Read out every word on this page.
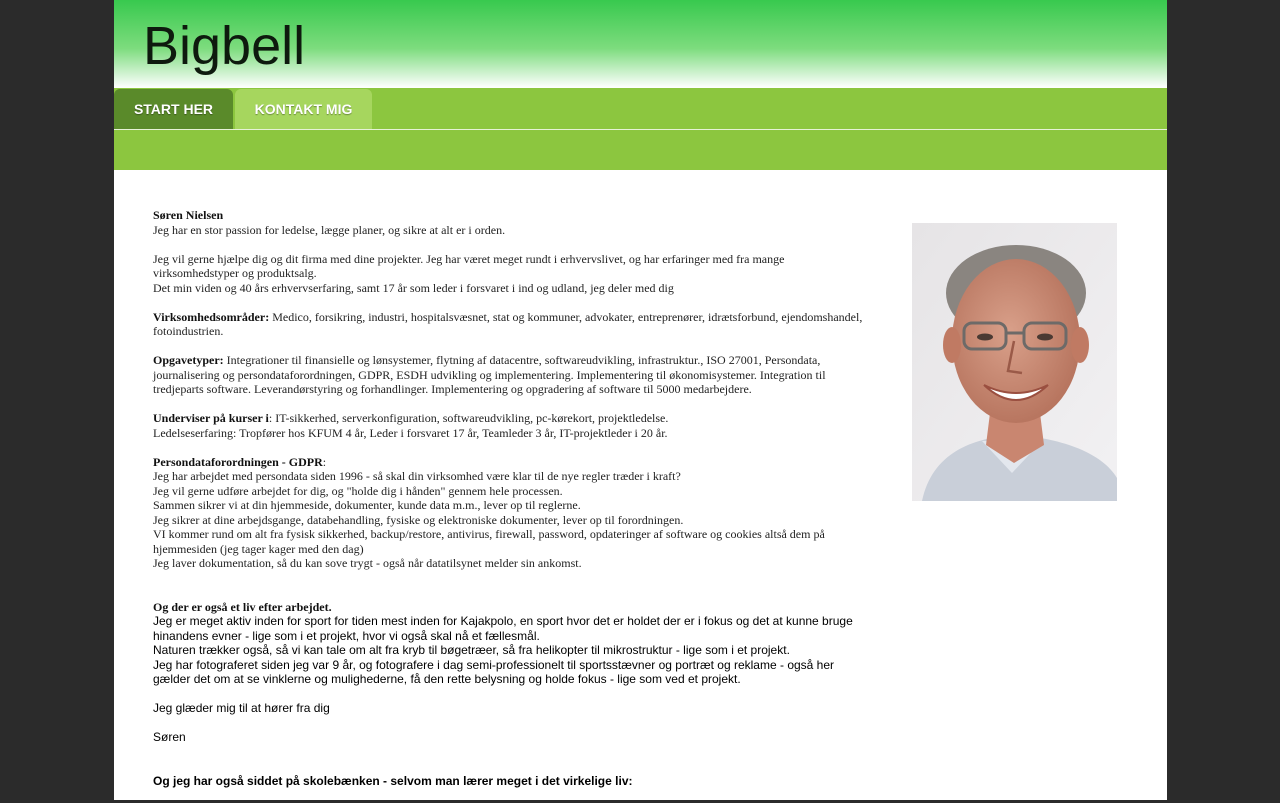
Bigbell
START HER	KONTAKT MIG

Søren Nielsen
Jeg har en stor passion for ledelse, lægge planer, og sikre at alt er i orden.

Jeg vil gerne hjælpe dig og dit firma med dine projekter. Jeg har været meget rundt i erhvervslivet, og har erfaringer med fra mange virksomhedstyper og produktsalg.
Det min viden og 40 års erhvervserfaring, samt 17 år som leder i forsvaret i ind og udland, jeg deler med dig

Virksomhedsområder: Medico, forsikring, industri, hospitalsvæsnet, stat og kommuner, advokater, entreprenører, idrætsforbund, ejendomshandel, fotoindustrien.

Opgavetyper: Integrationer til finansielle og lønsystemer, flytning af datacentre, softwareudvikling, infrastruktur., ISO 27001, Persondata, journalisering og persondataforordningen, GDPR, ESDH udvikling og implementering. Implementering til økonomisystemer. Integration til tredjeparts software. Leverandørstyring og forhandlinger. Implementering og opgradering af software til 5000 medarbejdere.

Underviser på kurser i: IT-sikkerhed, serverkonfiguration, softwareudvikling, pc-kørekort, projektledelse.
Ledelseserfaring: Tropfører hos KFUM 4 år, Leder i forsvaret 17 år, Teamleder 3 år, IT-projektleder i 20 år.

Persondataforordningen - GDPR:
Jeg har arbejdet med persondata siden 1996 - så skal din virksomhed være klar til de nye regler træder i kraft?
Jeg vil gerne udføre arbejdet for dig, og "holde dig i hånden" gennem hele processen.
Sammen sikrer vi at din hjemmeside, dokumenter, kunde data m.m., lever op til reglerne.
Jeg sikrer at dine arbejdsgange, databehandling, fysiske og elektroniske dokumenter, lever op til forordningen.
VI kommer rund om alt fra fysisk sikkerhed, backup/restore, antivirus, firewall, password, opdateringer af software og cookies altså dem på hjemmesiden (jeg tager kager med den dag)
Jeg laver dokumentation, så du kan sove trygt - også når datatilsynet melder sin ankomst.

Og der er også et liv efter arbejdet.
Jeg er meget aktiv inden for sport for tiden mest inden for Kajakpolo, en sport hvor det er holdet der er i fokus og det at kunne bruge hinandens evner - lige som i et projekt, hvor vi også skal nå et fællesmål.
Naturen trækker også, så vi kan tale om alt fra kryb til bøgetræer, så fra helikopter til mikrostruktur - lige som i et projekt.
Jeg har fotograferet siden jeg var 9 år, og fotografere i dag semi-professionelt til sportsstævner og portræt og reklame - også her gælder det om at se vinklerne og mulighederne, få den rette belysning og holde fokus - lige som ved et projekt.

Jeg glæder mig til at hører fra dig

Søren

Og jeg har også siddet på skolebænken - selvom man lærer meget i det virkelige liv:
